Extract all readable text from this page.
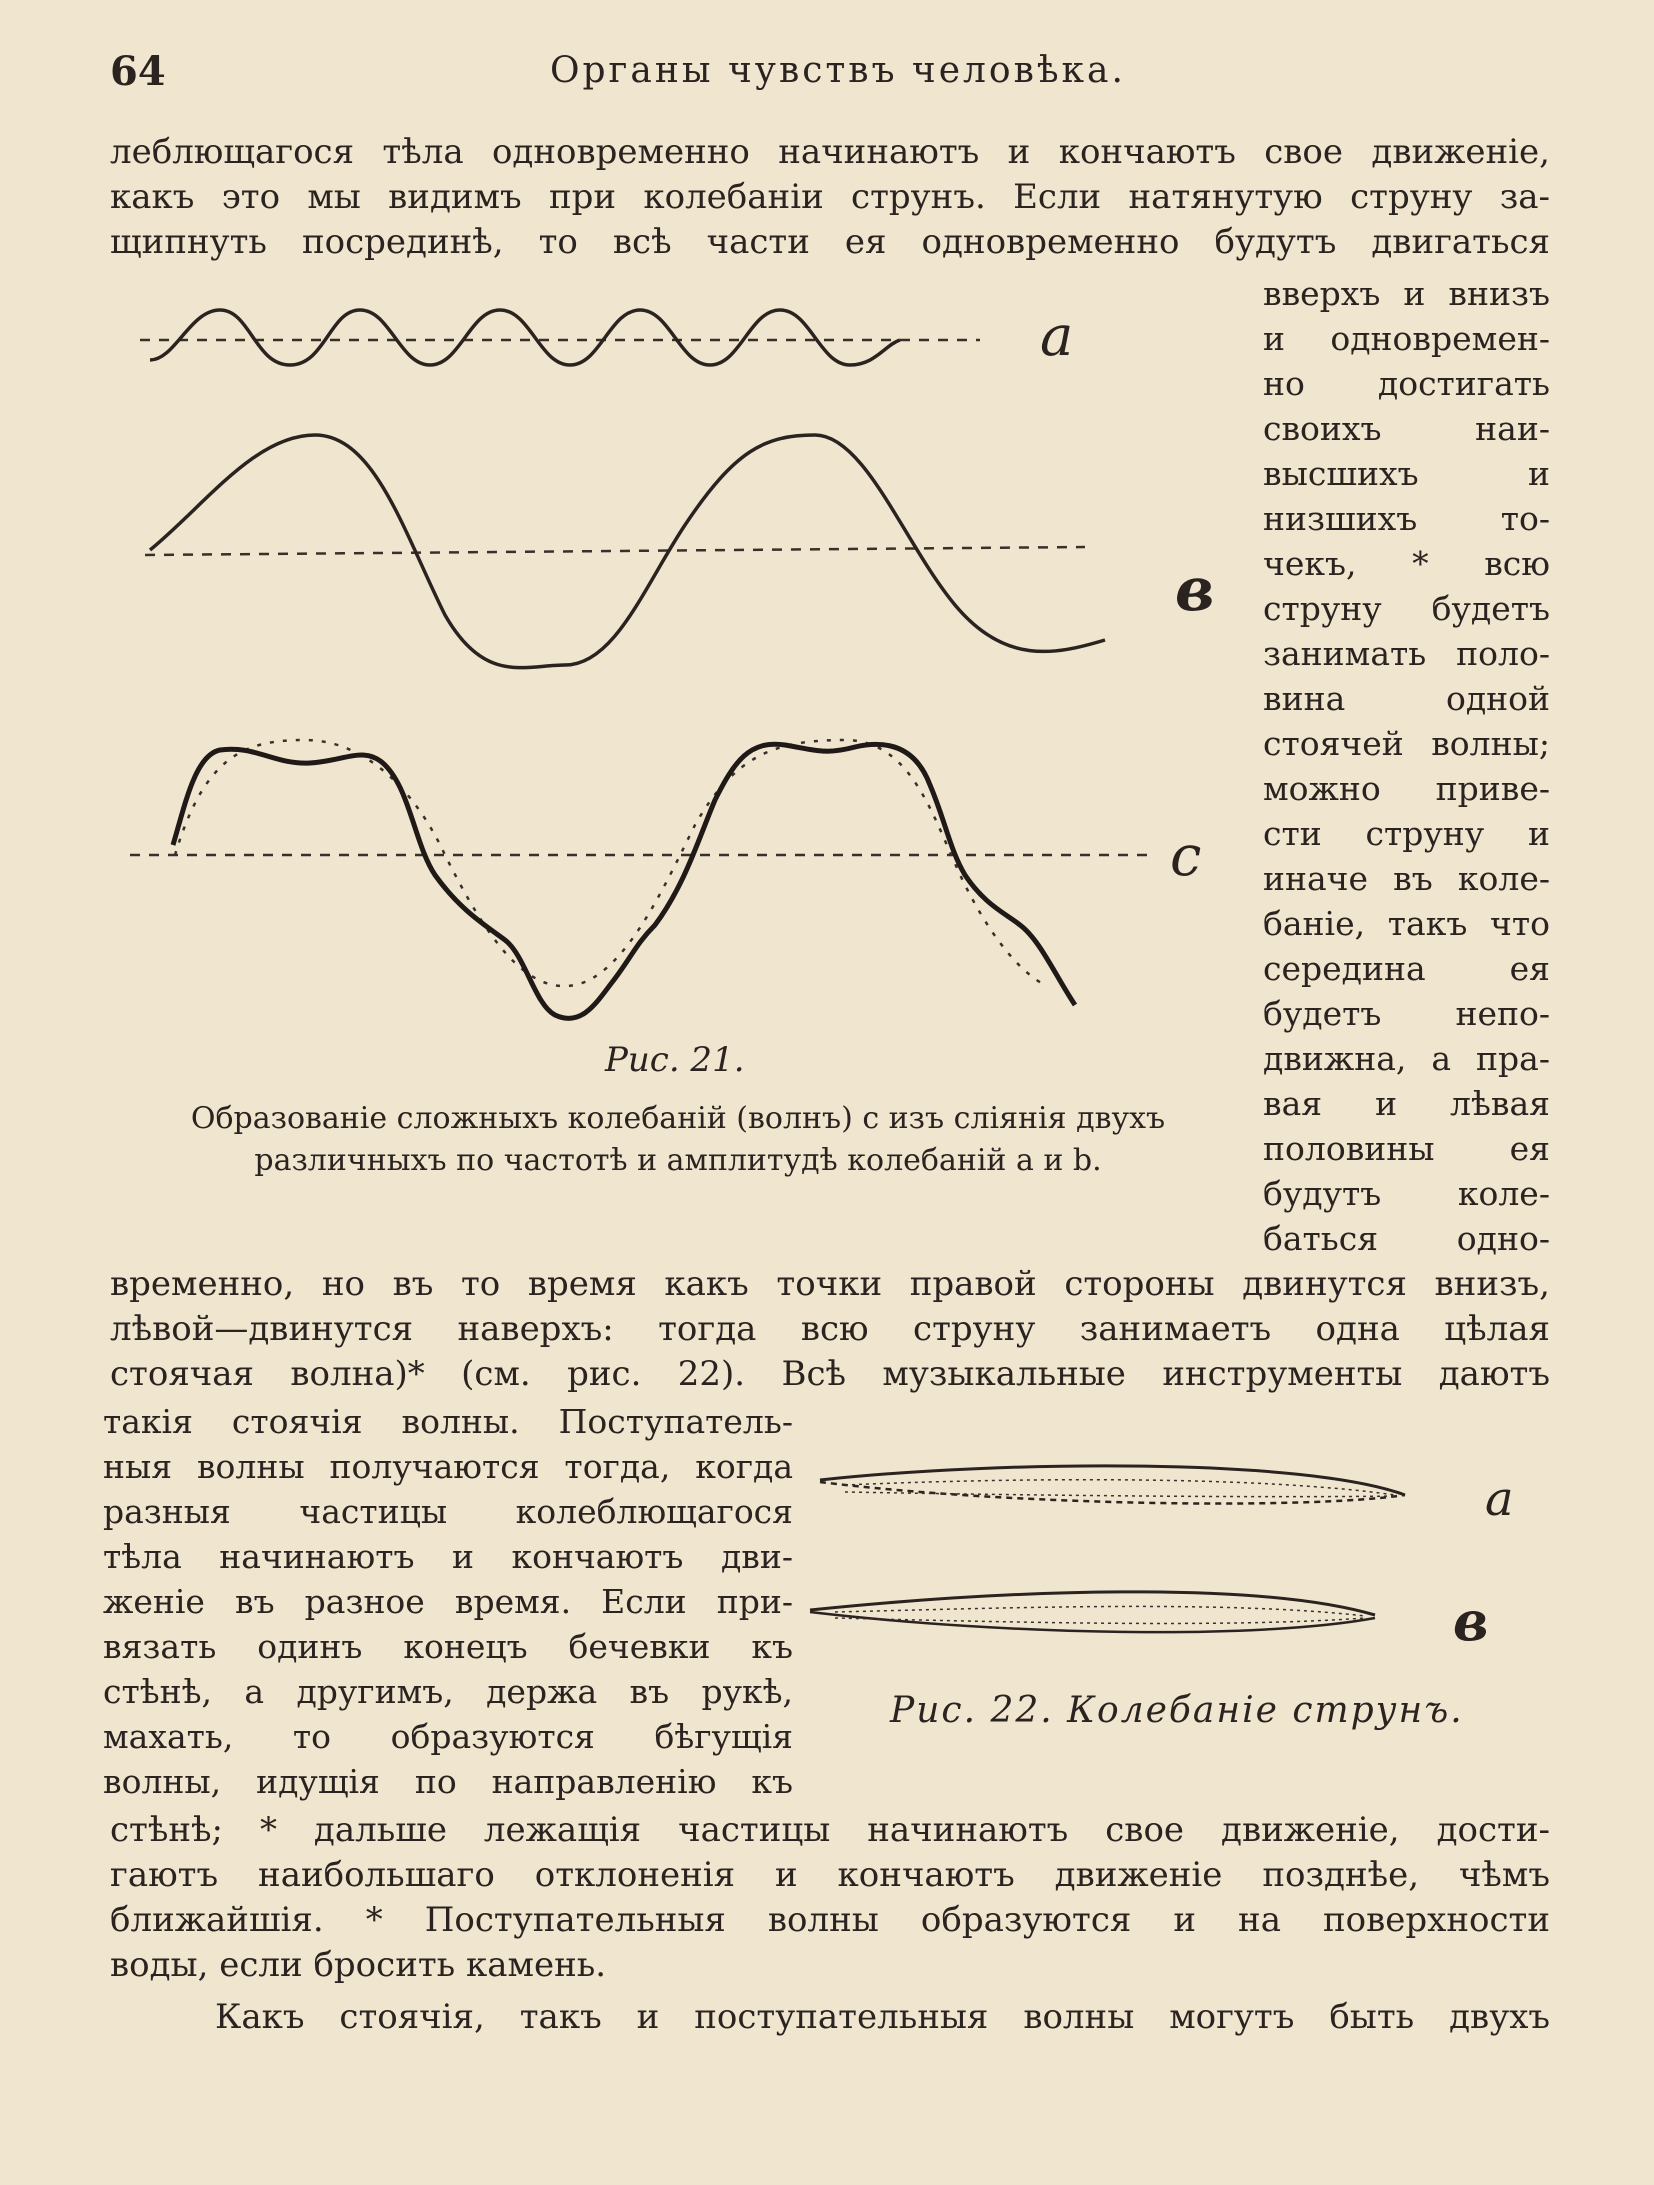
64	Органы чувствъ человѣка.
леблющагося тѣла одновременно начинаютъ и кончаютъ свое движеніе,
какъ это мы видимъ при колебаніи струнъ. Если натянутую струну за-
щипнуть посрединѣ, то всѣ части ея одновременно будутъ двигаться
вверхъ и внизъ
и одновремен-
но достигать
своихъ наи-
высшихъ и
низшихъ то-
чекъ, * всю
струну будетъ
занимать поло-
вина одной
стоячей волны;
можно приве-
сти струну и
иначе въ коле-
баніе, такъ что
середина ея
будетъ непо-
движна, а пра-
вая и лѣвая
половины ея
будутъ коле-
баться одно-
a
в
c
Рис. 21.
Образованіе сложныхъ колебаній (волнъ) с изъ слiянія двухъ
различныхъ по частотѣ и амплитудѣ колебаній a и b.
временно, но въ то время какъ точки правой стороны двинутся внизъ,
лѣвой—двинутся наверхъ: тогда всю струну занимаетъ одна цѣлая
стоячая волна)* (см. рис. 22). Всѣ музыкальные инструменты даютъ
такія стоячія волны. Поступатель-
ныя волны получаются тогда, когда
разныя частицы колеблющагося
тѣла начинаютъ и кончаютъ дви-
женіе въ разное время. Если при-
вязать одинъ конецъ бечевки къ
стѣнѣ, а другимъ, держа въ рукѣ,
махать, то образуются бѣгущія
волны, идущія по направленію къ
a
в
Рис. 22. Колебаніе струнъ.
стѣнѣ; * дальше лежащія частицы начинаютъ свое движеніе, дости-
гаютъ наибольшаго отклоненія и кончаютъ движеніе позднѣе, чѣмъ
ближайшія. * Поступательныя волны образуются и на поверхности
воды, если бросить камень.
Какъ стоячія, такъ и поступательныя волны могутъ быть двухъ
